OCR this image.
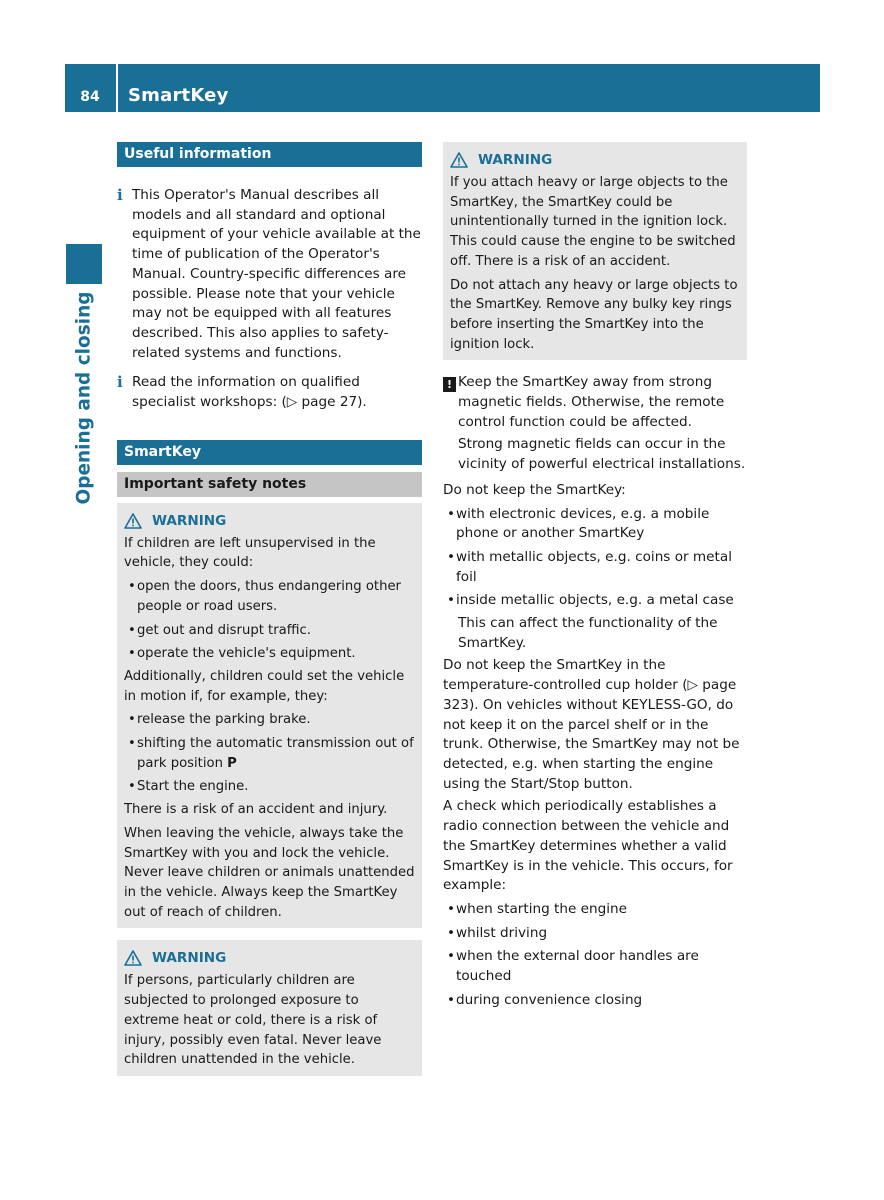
84	SmartKey
Opening and closing
Useful information
i This Operator's Manual describes all models and all standard and optional equipment of your vehicle available at the time of publication of the Operator's Manual. Country-specific differences are possible. Please note that your vehicle may not be equipped with all features described. This also applies to safety-related systems and functions.
i Read the information on qualified specialist workshops: (▷ page 27).
SmartKey
Important safety notes
WARNING

If children are left unsupervised in the vehicle, they could:

• open the doors, thus endangering other people or road users.
• get out and disrupt traffic.
• operate the vehicle's equipment.

Additionally, children could set the vehicle in motion if, for example, they:

• release the parking brake.
• shifting the automatic transmission out of park position P
• Start the engine.

There is a risk of an accident and injury.

When leaving the vehicle, always take the SmartKey with you and lock the vehicle. Never leave children or animals unattended in the vehicle. Always keep the SmartKey out of reach of children.

WARNING

If persons, particularly children are subjected to prolonged exposure to extreme heat or cold, there is a risk of injury, possibly even fatal. Never leave children unattended in the vehicle.

WARNING

If you attach heavy or large objects to the SmartKey, the SmartKey could be unintentionally turned in the ignition lock. This could cause the engine to be switched off. There is a risk of an accident.

Do not attach any heavy or large objects to the SmartKey. Remove any bulky key rings before inserting the SmartKey into the ignition lock.

! Keep the SmartKey away from strong magnetic fields. Otherwise, the remote control function could be affected.
Strong magnetic fields can occur in the vicinity of powerful electrical installations.

Do not keep the SmartKey:

• with electronic devices, e.g. a mobile phone or another SmartKey
• with metallic objects, e.g. coins or metal foil
• inside metallic objects, e.g. a metal case
This can affect the functionality of the SmartKey.

Do not keep the SmartKey in the temperature-controlled cup holder (▷ page 323). On vehicles without KEYLESS-GO, do not keep it on the parcel shelf or in the trunk. Otherwise, the SmartKey may not be detected, e.g. when starting the engine using the Start/Stop button.

A check which periodically establishes a radio connection between the vehicle and the SmartKey determines whether a valid SmartKey is in the vehicle. This occurs, for example:

• when starting the engine
• whilst driving
• when the external door handles are touched
• during convenience closing
